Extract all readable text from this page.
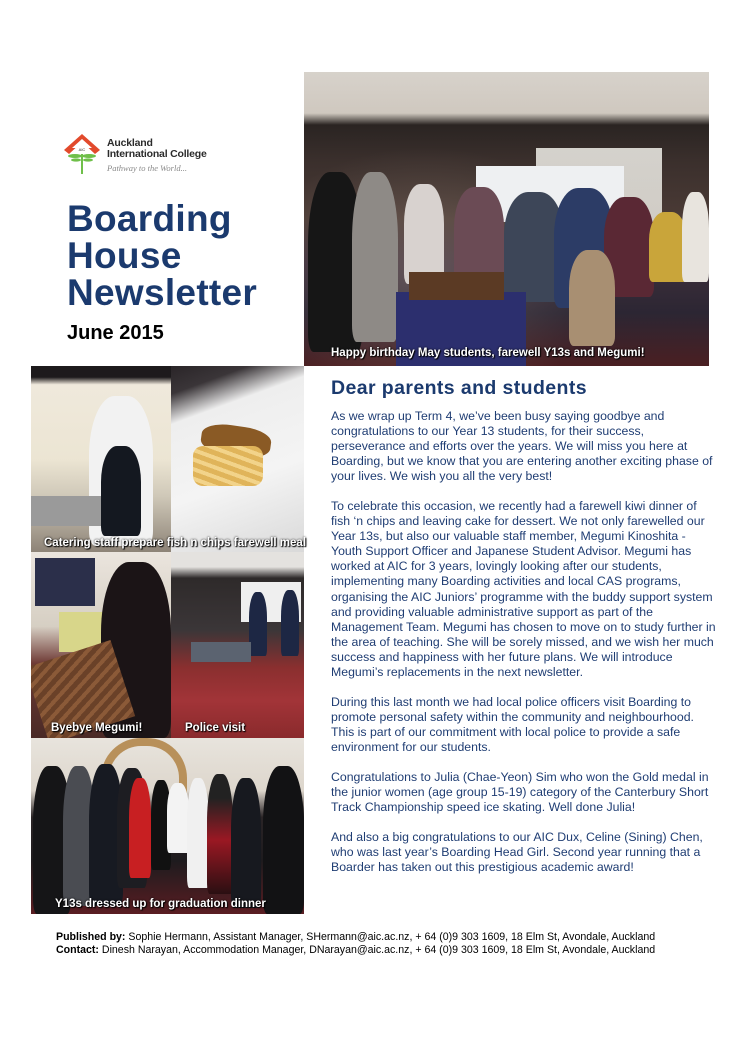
AIC
Auckland
International College
Pathway to the World...
Boarding
House
Newsletter
June 2015
Happy birthday May students, farewell Y13s and Megumi!
Catering staff prepare fish n chips farewell meal
Byebye Megumi!	Police visit
Y13s dressed up for graduation dinner
Dear parents and students

As we wrap up Term 4, we’ve been busy saying goodbye and congratulations to our Year 13 students, for their success, perseverance and efforts over the years. We will miss you here at Boarding, but we know that you are entering another exciting phase of your lives. We wish you all the very best!

To celebrate this occasion, we recently had a farewell kiwi dinner of fish ‘n chips and leaving cake for dessert. We not only farewelled our Year 13s, but also our valuable staff member, Megumi Kinoshita - Youth Support Officer and Japanese Student Advisor. Megumi has worked at AIC for 3 years, lovingly looking after our students, implementing many Boarding activities and local CAS programs, organising the AIC Juniors’ programme with the buddy support system and providing valuable administrative support as part of the Management Team. Megumi has chosen to move on to study further in the area of teaching. She will be sorely missed, and we wish her much success and happiness with her future plans. We will introduce Megumi’s replacements in the next newsletter.

During this last month we had local police officers visit Boarding to promote personal safety within the community and neighbourhood. This is part of our commitment with local police to provide a safe environment for our students.

Congratulations to Julia (Chae-Yeon) Sim who won the Gold medal in the junior women (age group 15-19) category of the Canterbury Short Track Championship speed ice skating. Well done Julia!

And also a big congratulations to our AIC Dux, Celine (Sining) Chen, who was last year’s Boarding Head Girl. Second year running that a Boarder has taken out this prestigious academic award!

Published by: Sophie Hermann, Assistant Manager, SHermann@aic.ac.nz, + 64 (0)9 303 1609, 18 Elm St, Avondale, Auckland
Contact: Dinesh Narayan, Accommodation Manager, DNarayan@aic.ac.nz, + 64 (0)9 303 1609, 18 Elm St, Avondale, Auckland
